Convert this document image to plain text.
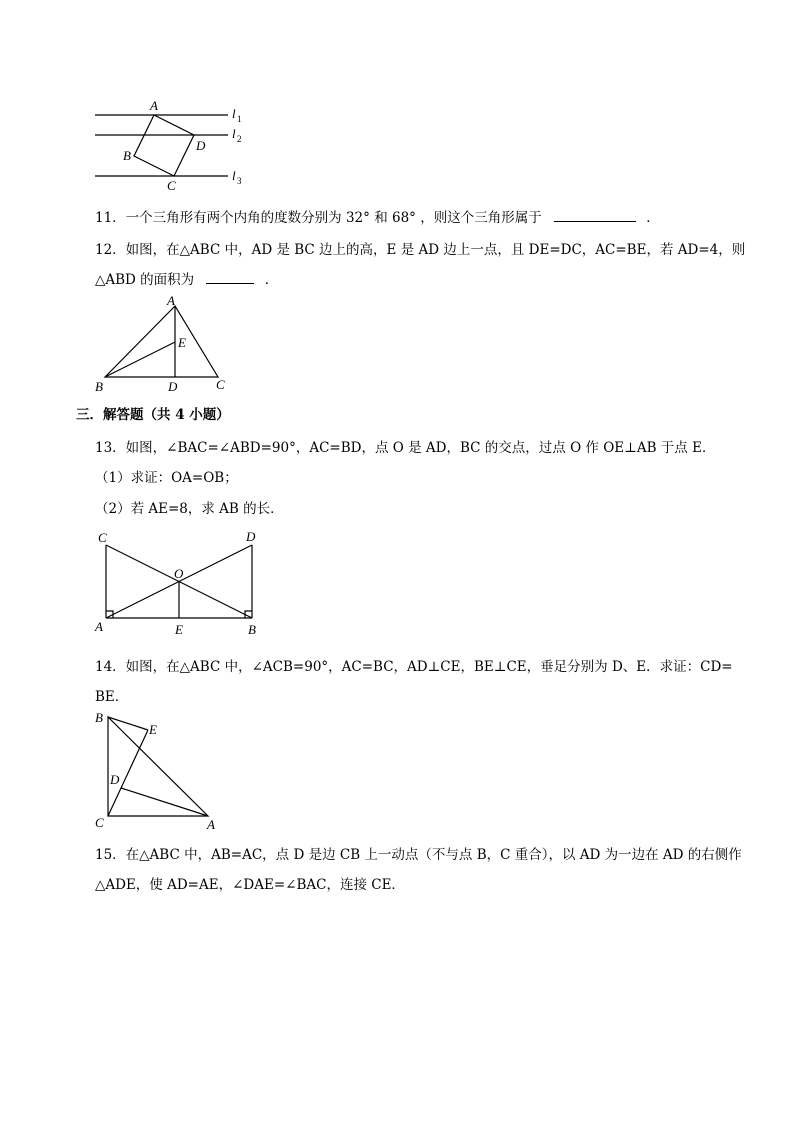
A
B
C
D
l 1
l 2
l 3
11．一个三角形有两个内角的度数分别为 32° 和 68° ，则这个三角形属于	．
12．如图，在△ABC 中，AD 是 BC 边上的高，E 是 AD 边上一点，且 DE=DC，AC=BE，若 AD=4，则
△ABD 的面积为	．
A
E
B	D	C
三．解答题（共 4 小题）
13．如图，∠BAC=∠ABD=90°，AC=BD，点 O 是 AD，BC 的交点，过点 O 作 OE⊥AB 于点 E．
（1）求证：OA=OB；
（2）若 AE=8，求 AB 的长．
C	D
O
A	E	B
14．如图，在△ABC 中，∠ACB=90°，AC=BC，AD⊥CE，BE⊥CE，垂足分别为 D、E．求证：CD=
BE．
B
E
D
C	A
15．在△ABC 中，AB=AC，点 D 是边 CB 上一动点（不与点 B，C 重合），以 AD 为一边在 AD 的右侧作
△ADE，使 AD=AE，∠DAE=∠BAC，连接 CE．
